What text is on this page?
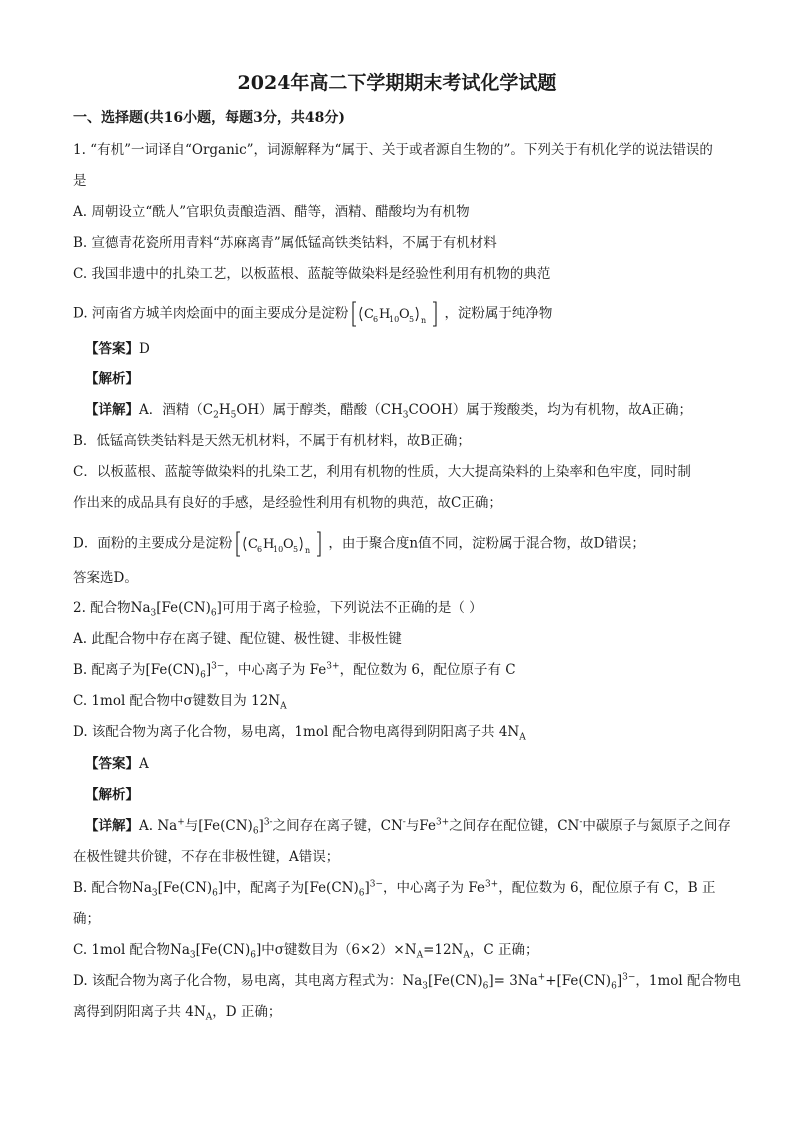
2024年高二下学期期末考试化学试题
一、选择题(共16小题，每题3分，共48分)
1. “有机”一词译自“Organic”，词源解释为“属于、关于或者源自生物的”。下列关于有机化学的说法错误的
是
A. 周朝设立“酰人”官职负责酿造酒、醋等，酒精、醋酸均为有机物
B. 宣德青花瓷所用青料“苏麻离青”属低锰高铁类钴料，不属于有机材料
C. 我国非遗中的扎染工艺，以板蓝根、蓝靛等做染料是经验性利用有机物的典范
D. 河南省方城羊肉烩面中的面主要成分是淀粉 C 6 H
10 O 5 n ，淀粉属于纯净物
【答案】D
【解析】
【详解】A．酒精$(C_2H_5OH)$属于醇类，醋酸$(CH_3COOH)$属于羧酸类，均为有机物，故A正确；
B．低锰高铁类钴料是天然无机材料，不属于有机材料，故B正确；
C．以板蓝根、蓝靛等做染料的扎染工艺，利用有机物的性质，大大提高染料的上染率和色牢度，同时制
作出来的成品具有良好的手感，是经验性利用有机物的典范，故C正确；
D．面粉的主要成分是淀粉 C 6 H
10 O 5 n ，由于聚合度n值不同，淀粉属于混合物，故D错误；
答案选D。
2. 配合物$Na_3[Fe(CN)_6]$可用于离子检验，下列说法不正确的是（ ）
A. 此配合物中存在离子键、配位键、极性键、非极性键
B. 配离子为$[Fe(CN)_6]^{3-}$，中心离子为 $Fe^{3+}$，配位数为 6，配位原子有 C
C. 1mol 配合物中σ键数目为 $12N_A$
D. 该配合物为离子化合物，易电离，1mol 配合物电离得到阴阳离子共 $4N_A$
【答案】A
【解析】
【详解】A. Na+与$[Fe(CN)_6]^{3-}$之间存在离子键，CN-与$Fe^{3+}$之间存在配位键，CN-中碳原子与氮原子之间存
在极性键共价键，不存在非极性键，A错误；
B. 配合物$Na_3[Fe(CN)_6]$中，配离子为$[Fe(CN)_6]^{3-}$，中心离子为 $Fe^{3+}$，配位数为 6，配位原子有 C，B 正
确；
C. 1mol 配合物$Na_3[Fe(CN)_6]$中σ键数目为$(6\times 2)\times N_A=12N_A$，C 正确；
D. 该配合物为离子化合物，易电离，其电离方程式为：$Na_3[Fe(CN)_6]= 3Na^++[Fe(CN)_6]^{3-}$，1mol 配合物电
离得到阴阳离子共 $4N_A$，D 正确；
